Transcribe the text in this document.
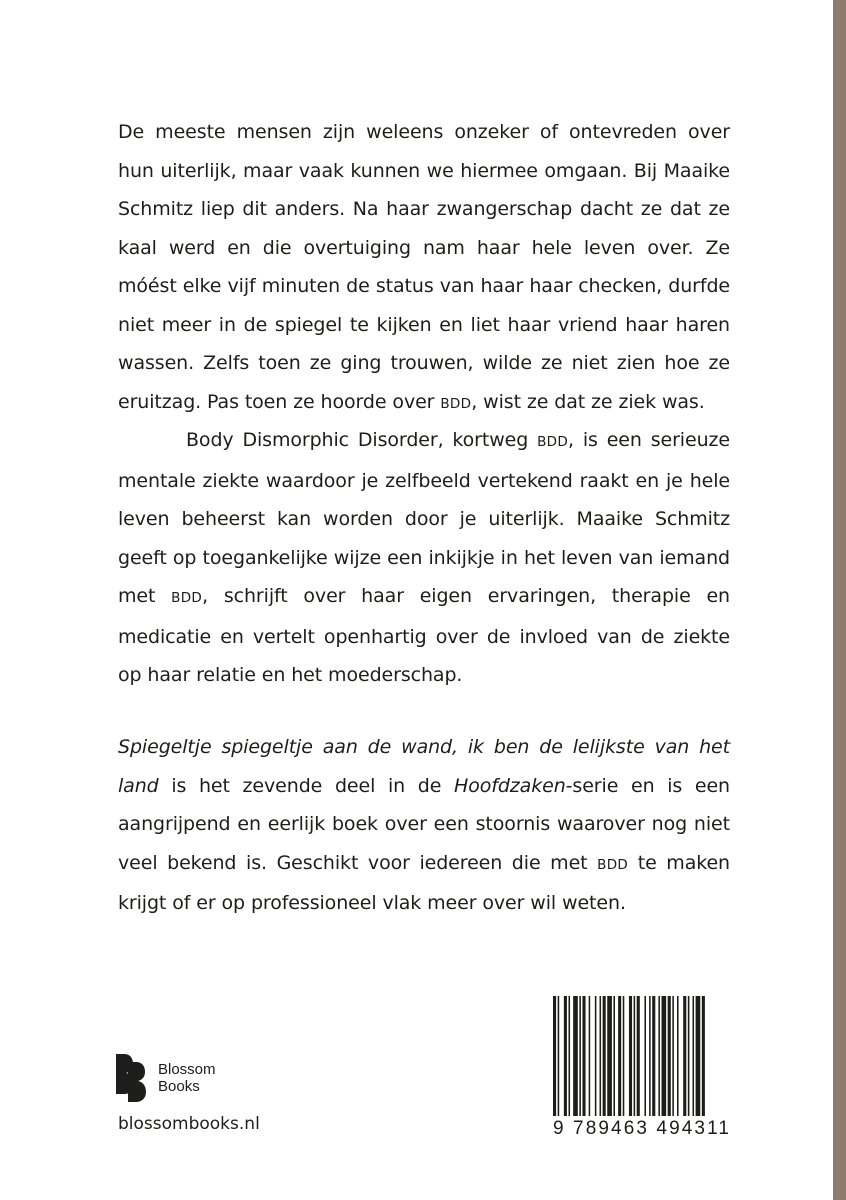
De meeste mensen zijn weleens onzeker of ontevreden over hun uiterlijk, maar vaak kunnen we hiermee omgaan. Bij Maaike Schmitz liep dit anders. Na haar zwangerschap dacht ze dat ze kaal werd en die overtuiging nam haar hele leven over. Ze móést elke vijf minuten de status van haar haar checken, durfde niet meer in de spiegel te kijken en liet haar vriend haar haren wassen. Zelfs toen ze ging trouwen, wilde ze niet zien hoe ze eruitzag. Pas toen ze hoorde over BDD, wist ze dat ze ziek was.

Body Dismorphic Disorder, kortweg BDD, is een serieuze mentale ziekte waardoor je zelfbeeld vertekend raakt en je hele leven beheerst kan worden door je uiterlijk. Maaike Schmitz geeft op toegankelijke wijze een inkijkje in het leven van iemand met BDD, schrijft over haar eigen ervaringen, therapie en medicatie en vertelt openhartig over de invloed van de ziekte op haar relatie en het moederschap.

Spiegeltje spiegeltje aan de wand, ik ben de lelijkste van het land is het zevende deel in de Hoofdzaken-serie en is een aangrijpend en eerlijk boek over een stoornis waarover nog niet veel bekend is. Geschikt voor iedereen die met BDD te maken krijgt of er op professioneel vlak meer over wil weten.

Blossom
Books
blossombooks.nl	9 789463 494311
